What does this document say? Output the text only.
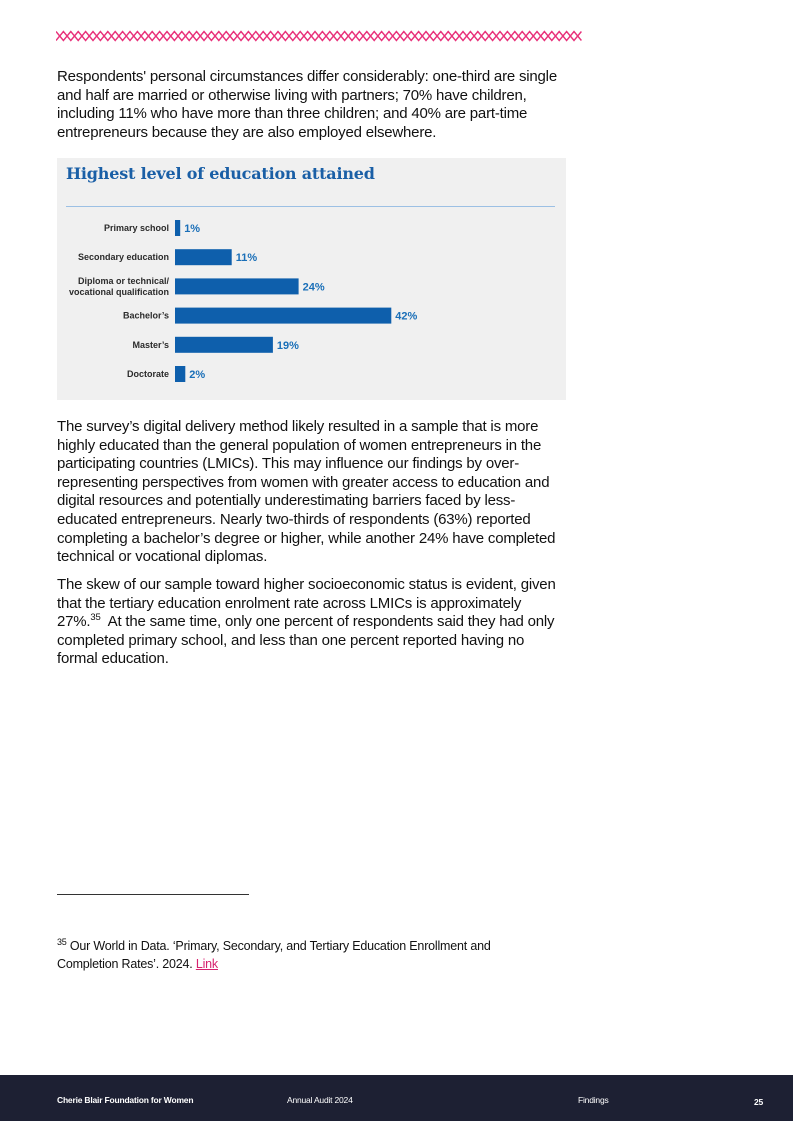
Respondents' personal circumstances differ considerably: one-third are single and half are married or otherwise living with partners; 70% have children, including 11% who have more than three children; and 40% are part-time entrepreneurs because they are also employed elsewhere.

Highest level of education attained
Primary school 1%
Secondary education	11%
Diploma or technical/ vocational qualification	24%
Bachelor’s	42%
Master’s	19%
Doctorate 2%

The survey’s digital delivery method likely resulted in a sample that is more highly educated than the general population of women entrepreneurs in the participating countries (LMICs). This may influence our findings by over-representing perspectives from women with greater access to education and digital resources and potentially underestimating barriers faced by less-educated entrepreneurs. Nearly two-thirds of respondents (63%) reported completing a bachelor’s degree or higher, while another 24% have completed technical or vocational diplomas.

The skew of our sample toward higher socioeconomic status is evident, given that the tertiary education enrolment rate across LMICs is approximately 27%.$^{35}$  At the same time, only one percent of respondents said they had only completed primary school, and less than one percent reported having no formal education.

$^{35}$ Our World in Data. ‘Primary, Secondary, and Tertiary Education Enrollment and Completion Rates’. 2024. Link

Cherie Blair Foundation for Women	Annual Audit 2024	Findings	25
